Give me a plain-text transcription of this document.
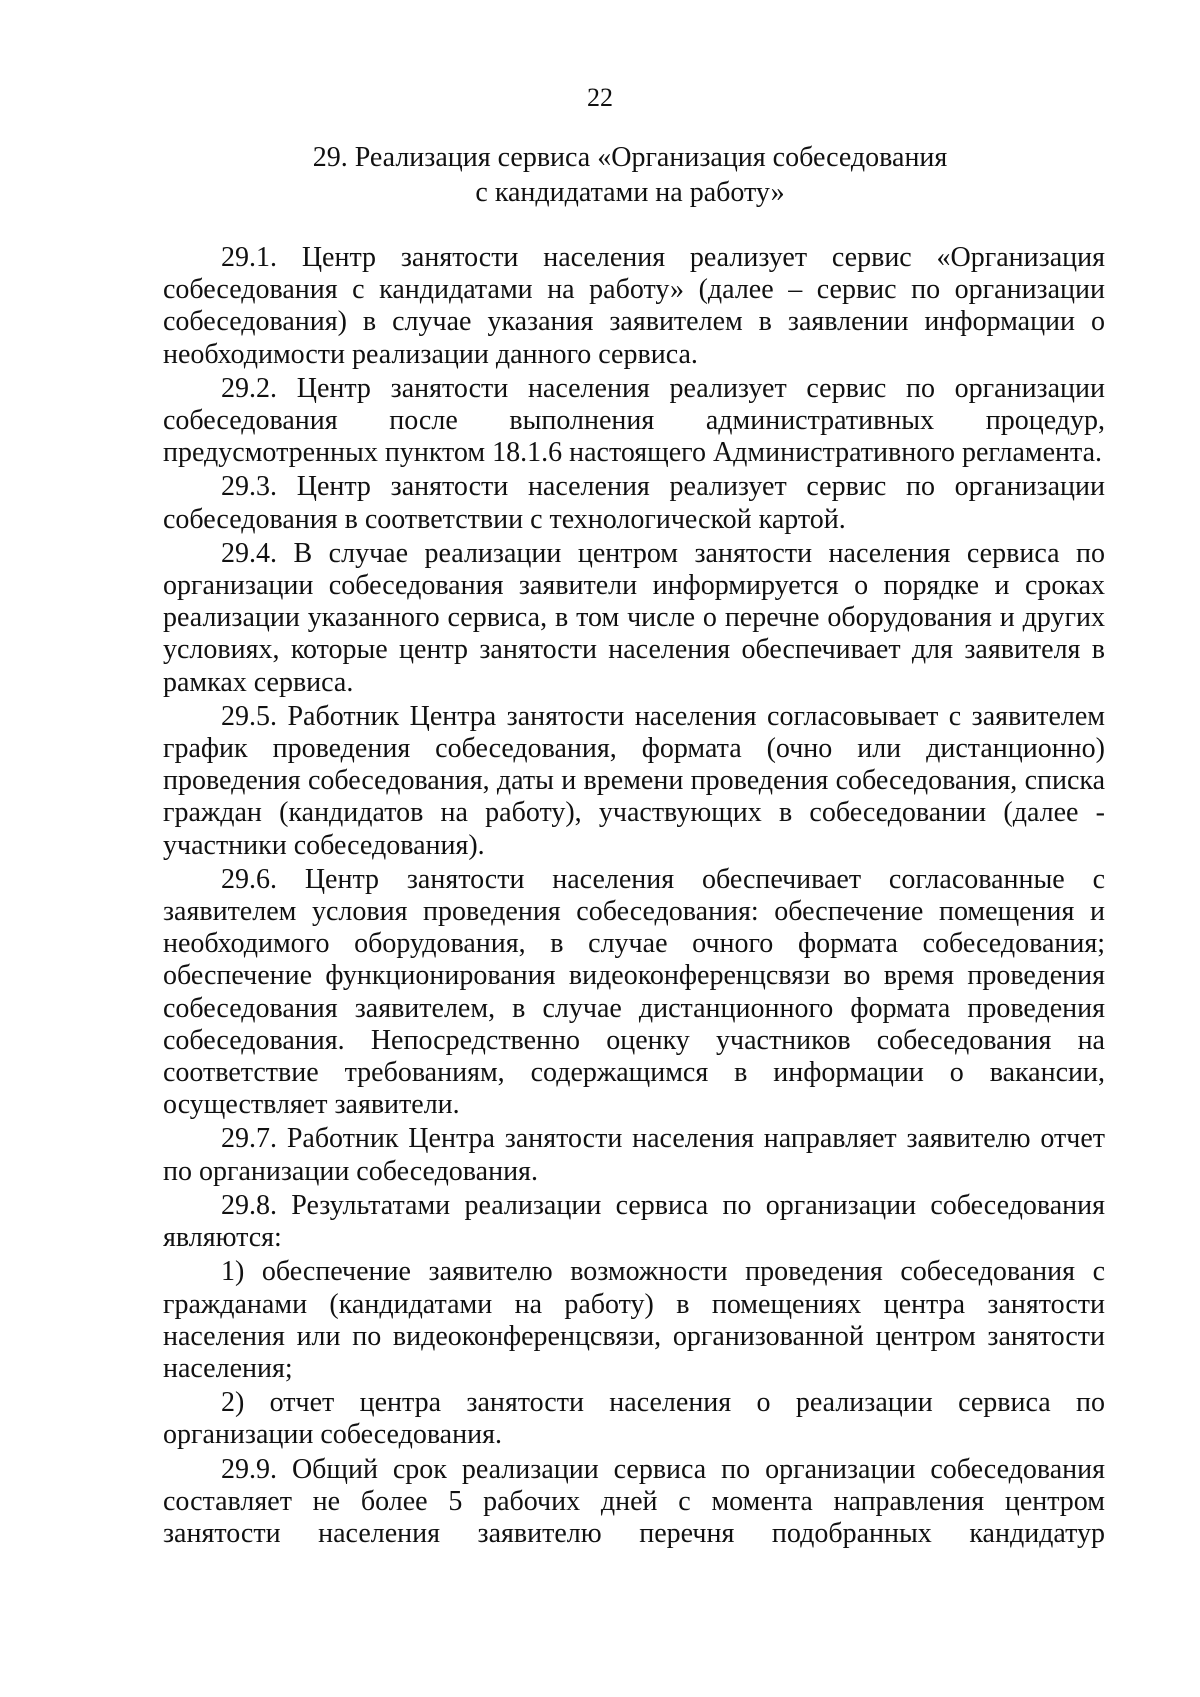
22
29. Реализация сервиса «Организация собеседования
с кандидатами на работу»

29.1. Центр занятости населения реализует сервис «Организация собеседования с кандидатами на работу» (далее – сервис по организации собеседования) в случае указания заявителем в заявлении информации о необходимости реализации данного сервиса.

29.2. Центр занятости населения реализует сервис по организации собеседования после выполнения административных процедур, предусмотренных пунктом 18.1.6 настоящего Административного регламента.

29.3. Центр занятости населения реализует сервис по организации собеседования в соответствии с технологической картой.

29.4. В случае реализации центром занятости населения сервиса по организации собеседования заявители информируется о порядке и сроках реализации указанного сервиса, в том числе о перечне оборудования и других условиях, которые центр занятости населения обеспечивает для заявителя в рамках сервиса.

29.5. Работник Центра занятости населения согласовывает с заявителем график проведения собеседования, формата (очно или дистанционно) проведения собеседования, даты и времени проведения собеседования, списка граждан (кандидатов на работу), участвующих в собеседовании (далее - участники собеседования).

29.6. Центр занятости населения обеспечивает согласованные с заявителем условия проведения собеседования: обеспечение помещения и необходимого оборудования, в случае очного формата собеседования; обеспечение функционирования видеоконференцсвязи во время проведения собеседования заявителем, в случае дистанционного формата проведения собеседования. Непосредственно оценку участников собеседования на соответствие требованиям, содержащимся в информации о вакансии, осуществляет заявители.

29.7. Работник Центра занятости населения направляет заявителю отчет по организации собеседования.

29.8. Результатами реализации сервиса по организации собеседования являются:

1) обеспечение заявителю возможности проведения собеседования с гражданами (кандидатами на работу) в помещениях центра занятости населения или по видеоконференцсвязи, организованной центром занятости населения;

2) отчет центра занятости населения о реализации сервиса по организации собеседования.

29.9. Общий срок реализации сервиса по организации собеседования составляет не более 5 рабочих дней с момента направления центром занятости населения заявителю перечня подобранных кандидатур
